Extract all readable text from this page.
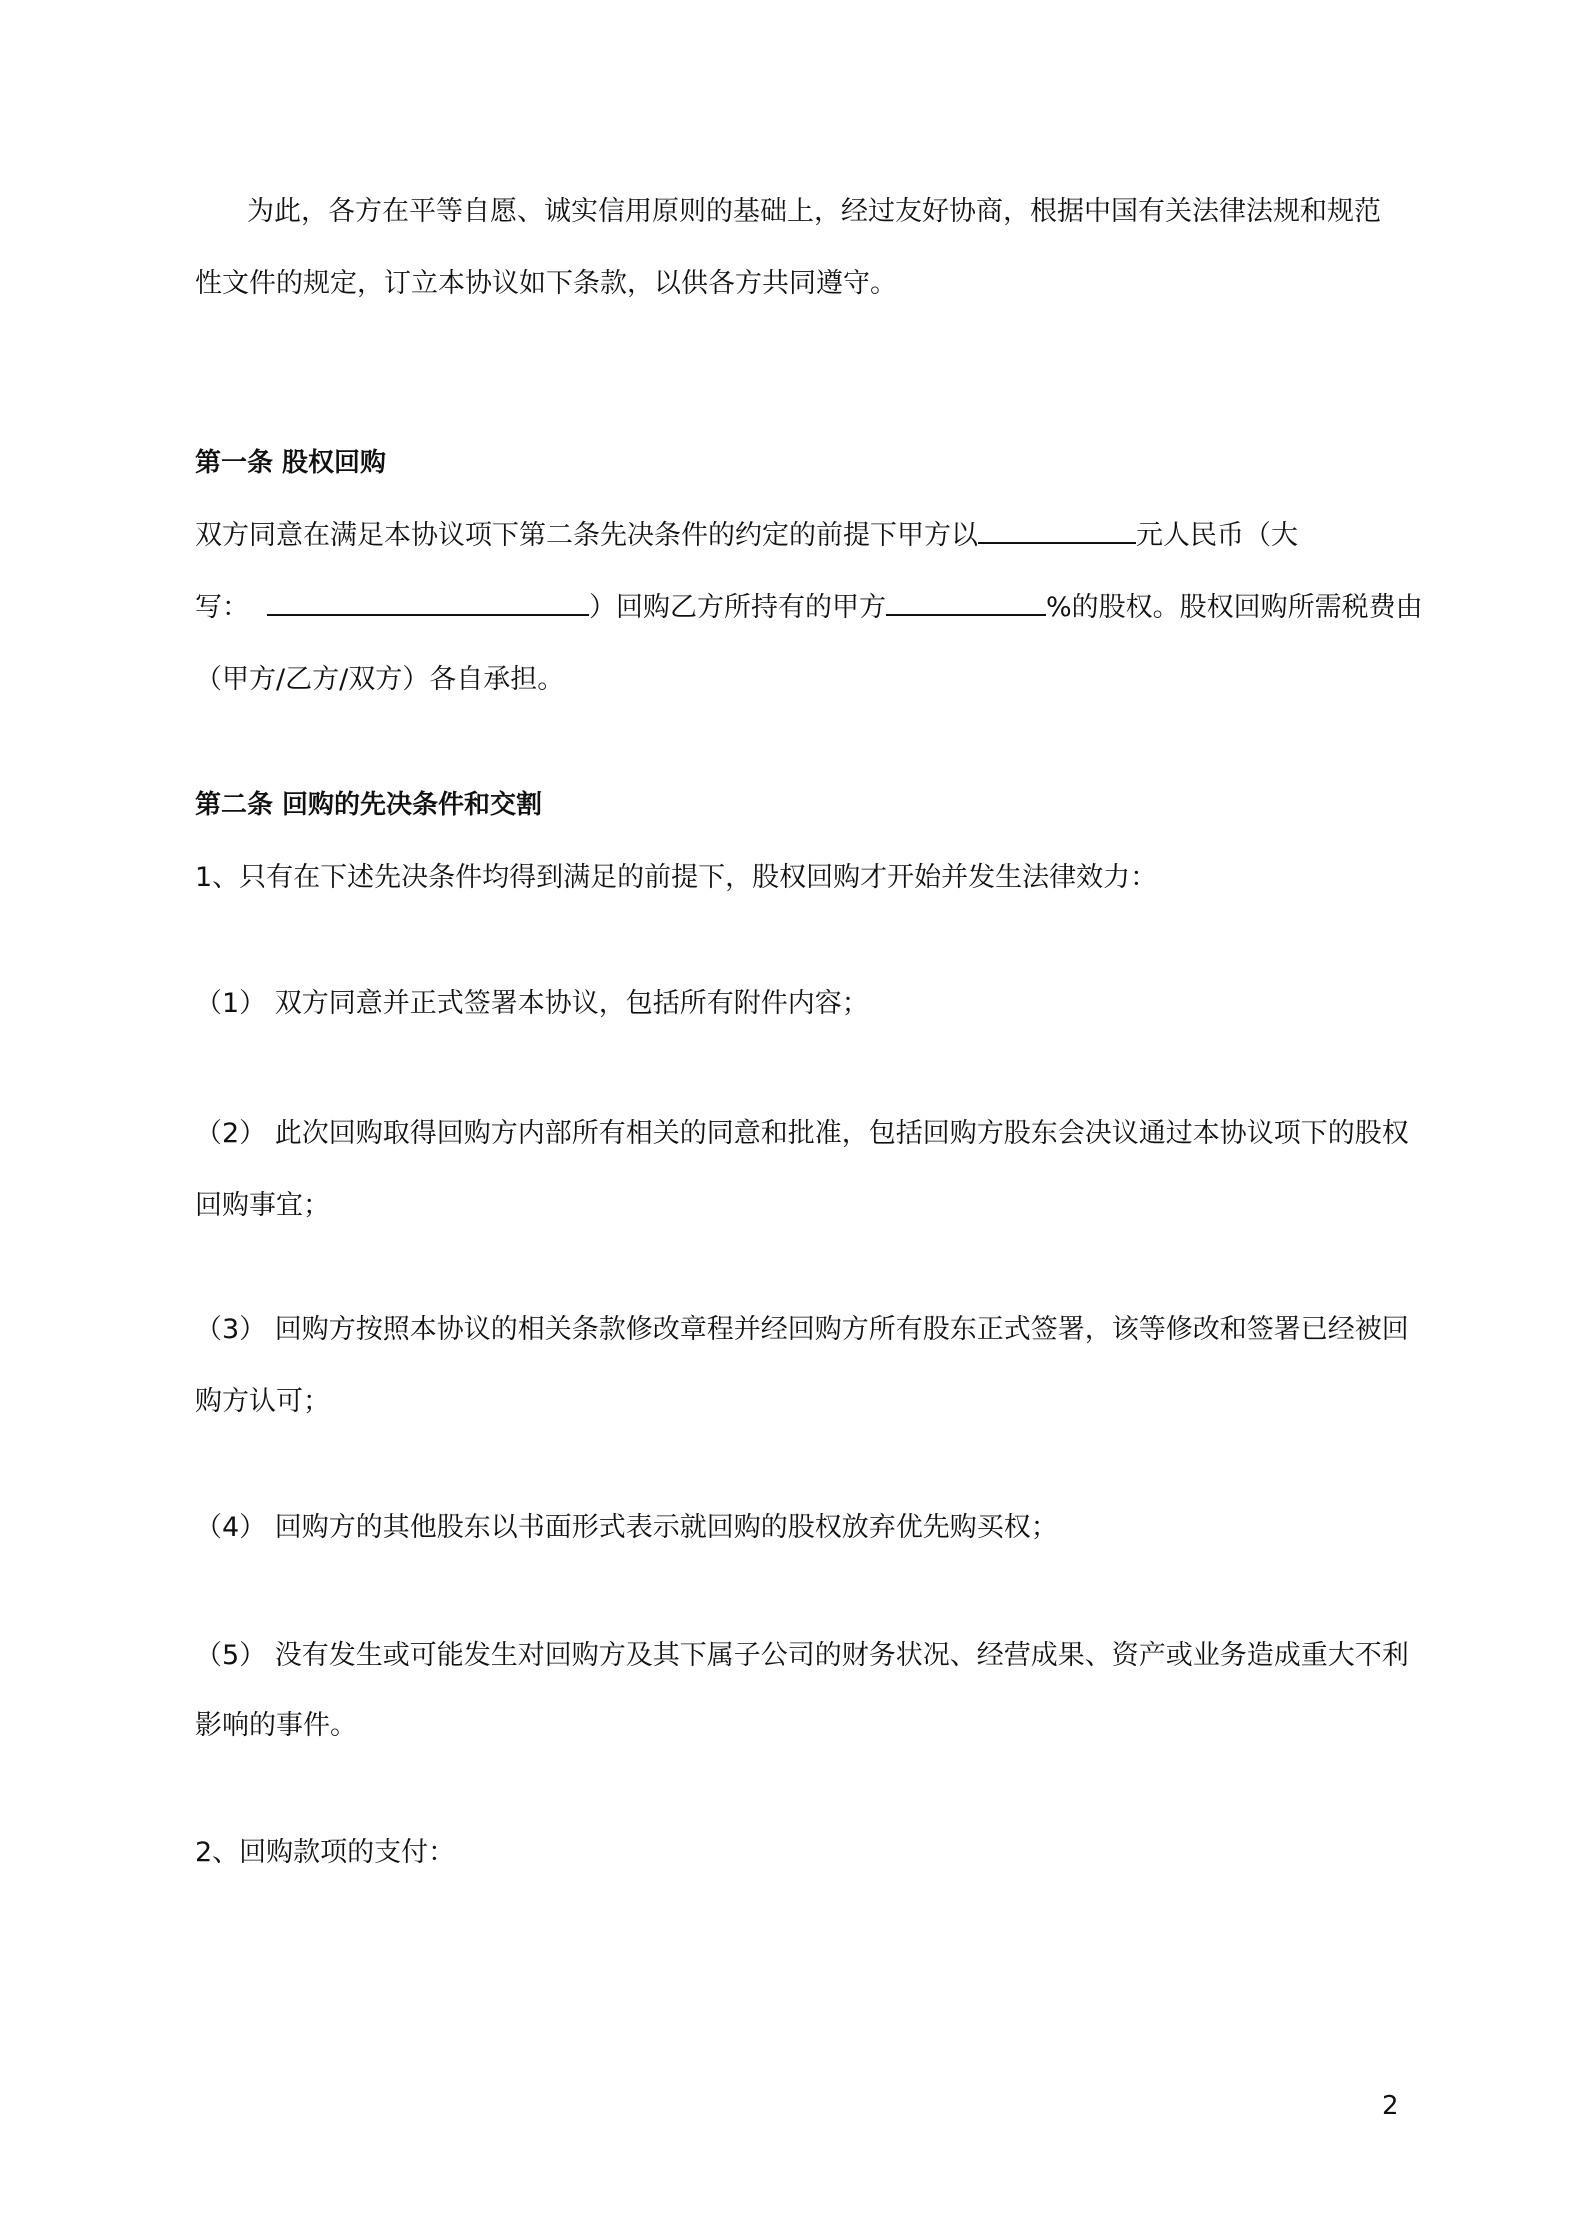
为此，各方在平等自愿、诚实信用原则的基础上，经过友好协商，根据中国有关法律法规和规范
性文件的规定，订立本协议如下条款，以供各方共同遵守。
第一条 股权回购
双方同意在满足本协议项下第二条先决条件的约定的前提下甲方以	元人民币（大
写：	）回购乙方所持有的甲方	%的股权。股权回购所需税费由
（甲方/乙方/双方）各自承担。
第二条 回购的先决条件和交割
1、只有在下述先决条件均得到满足的前提下，股权回购才开始并发生法律效力：
（1） 双方同意并正式签署本协议，包括所有附件内容；
（2） 此次回购取得回购方内部所有相关的同意和批准，包括回购方股东会决议通过本协议项下的股权
回购事宜；
（3） 回购方按照本协议的相关条款修改章程并经回购方所有股东正式签署，该等修改和签署已经被回
购方认可；
（4） 回购方的其他股东以书面形式表示就回购的股权放弃优先购买权；
（5） 没有发生或可能发生对回购方及其下属子公司的财务状况、经营成果、资产或业务造成重大不利
影响的事件。
2、回购款项的支付：
2
